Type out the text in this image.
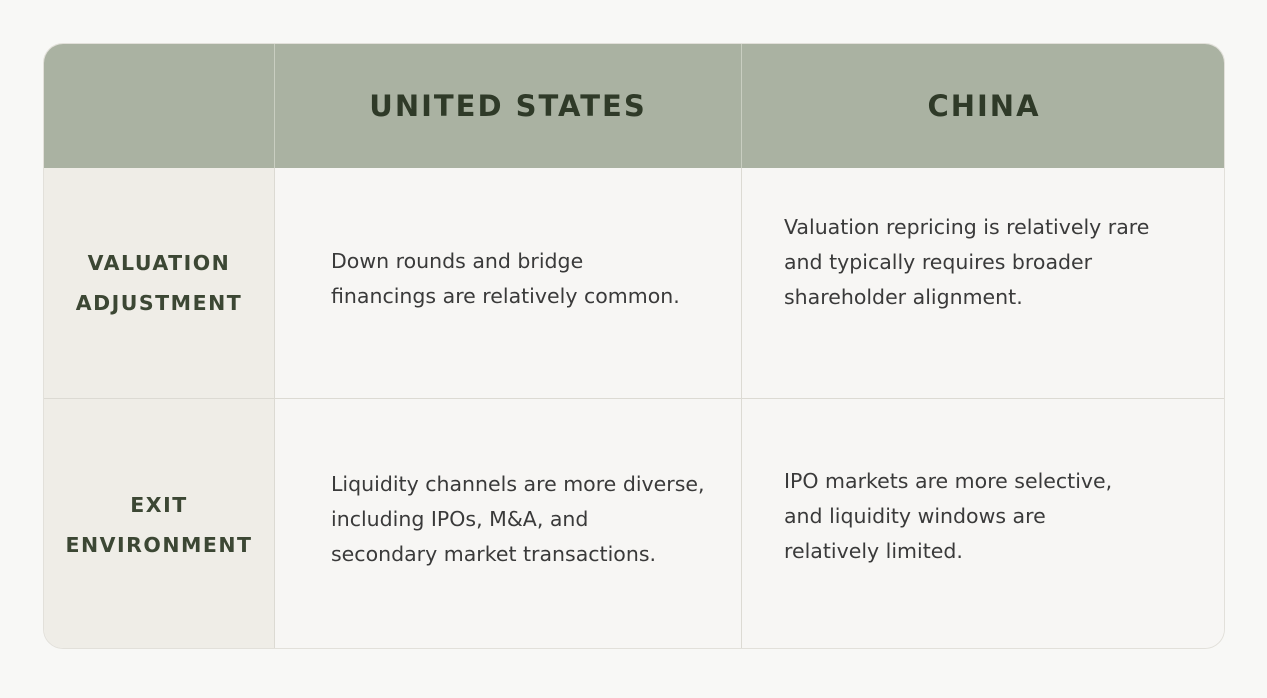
UNITED STATES	CHINA
VALUATION
ADJUSTMENT
Down rounds and bridge
financings are relatively common.
Valuation repricing is relatively rare
and typically requires broader
shareholder alignment.
EXIT
ENVIRONMENT
Liquidity channels are more diverse,
including IPOs, M&A, and
secondary market transactions.
IPO markets are more selective,
and liquidity windows are
relatively limited.
